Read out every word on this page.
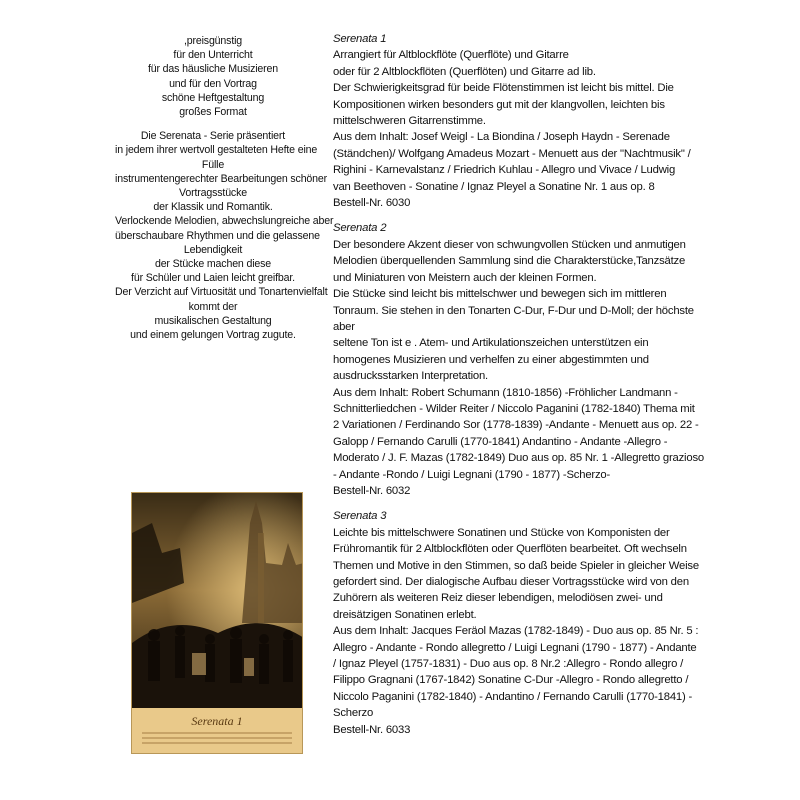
,preisgünstig
für den Unterricht
für das häusliche Musizieren
und für den Vortrag
schöne Heftgestaltung
großes Format
Die Serenata - Serie präsentiert
in jedem ihrer wertvoll gestalteten Hefte eine
Fülle
instrumentengerechter Bearbeitungen schöner
Vortragsstücke
der Klassik und Romantik.
Verlockende Melodien, abwechslungreiche aber
überschaubare Rhythmen und die gelassene
Lebendigkeit
der Stücke machen diese
für Schüler und Laien leicht greifbar.
Der Verzicht auf Virtuosität und Tonartenvielfalt
kommt der
musikalischen Gestaltung
und einem gelungen Vortrag zugute.
Serenata 1
Arrangiert für Altblockflöte (Querflöte) und Gitarre
oder für 2 Altblockflöten (Querflöten) und Gitarre ad lib.
Der Schwierigkeitsgrad für beide Flötenstimmen ist leicht bis mittel. Die
Kompositionen wirken besonders gut mit der klangvollen, leichten bis
mittelschweren Gitarrenstimme.
Aus dem Inhalt: Josef Weigl - La Biondina / Joseph Haydn - Serenade
(Ständchen)/ Wolfgang Amadeus Mozart - Menuett aus der "Nachtmusik" /
Righini - Karnevalstanz / Friedrich Kuhlau - Allegro und Vivace / Ludwig
van Beethoven - Sonatine / Ignaz Pleyel a Sonatine Nr. 1 aus op. 8
Bestell-Nr. 6030
Serenata 2
Der besondere Akzent dieser von schwungvollen Stücken und anmutigen
Melodien überquellenden Sammlung sind die Charakterstücke,Tanzsätze
und Miniaturen von Meistern auch der kleinen Formen.
Die Stücke sind leicht bis mittelschwer und bewegen sich im mittleren
Tonraum. Sie stehen in den Tonarten C-Dur, F-Dur und D-Moll; der höchste
aber
seltene Ton ist e . Atem- und Artikulationszeichen unterstützen ein
homogenes Musizieren und verhelfen zu einer abgestimmten und
ausdrucksstarken Interpretation.
Aus dem Inhalt: Robert Schumann (1810-1856) -Fröhlicher Landmann -
Schnitterliedchen - Wilder Reiter / Niccolo Paganini (1782-1840) Thema mit
2 Variationen / Ferdinando Sor (1778-1839) -Andante - Menuett aus op. 22 -
Galopp / Fernando Carulli (1770-1841) Andantino - Andante -Allegro -
Moderato / J. F. Mazas (1782-1849) Duo aus op. 85 Nr. 1 -Allegretto grazioso
- Andante -Rondo / Luigi Legnani (1790 - 1877) -Scherzo-
Bestell-Nr. 6032
Serenata 3
Leichte bis mittelschwere Sonatinen und Stücke von Komponisten der
Frühromantik für 2 Altblockflöten oder Querflöten bearbeitet. Oft wechseln
Themen und Motive in den Stimmen, so daß beide Spieler in gleicher Weise
gefordert sind. Der dialogische Aufbau dieser Vortragsstücke wird von den
Zuhörern als weiteren Reiz dieser lebendigen, melodiösen zwei- und
dreisätzigen Sonatinen erlebt.
Aus dem Inhalt: Jacques Feräol Mazas (1782-1849) - Duo aus op. 85 Nr. 5 :
Allegro - Andante - Rondo allegretto / Luigi Legnani (1790 - 1877) - Andante
/ Ignaz Pleyel (1757-1831) - Duo aus op. 8 Nr.2 :Allegro - Rondo allegro /
Filippo Gragnani (1767-1842) Sonatine C-Dur -Allegro - Rondo allegretto /
Niccolo Paganini (1782-1840) - Andantino / Fernando Carulli (1770-1841) -
Scherzo
Bestell-Nr. 6033
Serenata 1
